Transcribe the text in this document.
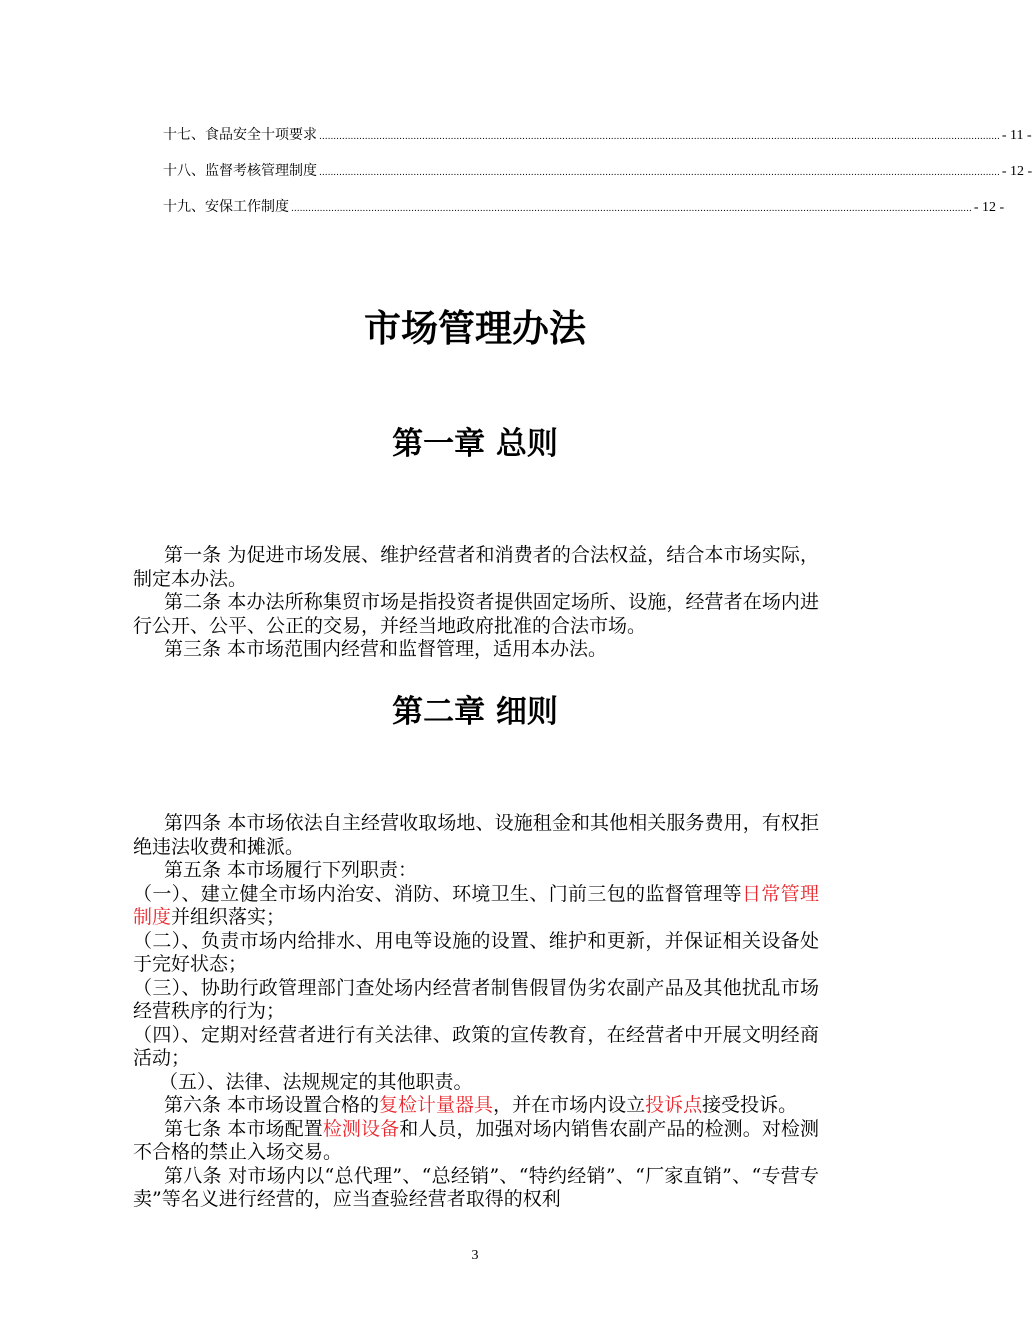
十七、 食品安全十项要求 .............................................................................................................................................................................................................................................. - 11 -
十八、 监督考核管理制度 .............................................................................................................................................................................................................................................. - 12 -
十九、 安保工作制度 .............................................................................................................................................................................................................................................. - 12 -
市场管理办法
第一章 总则

第一条 为促进市场发展、维护经营者和消费者的合法权益，结合本市场实际，制定本办法。

第二条 本办法所称集贸市场是指投资者提供固定场所、设施，经营者在场内进行公开、公平、公正的交易，并经当地政府批准的合法市场。

第三条 本市场范围内经营和监督管理，适用本办法。

第二章 细则

第四条 本市场依法自主经营收取场地、设施租金和其他相关服务费用，有权拒绝违法收费和摊派。

第五条 本市场履行下列职责：

（一）、建立健全市场内治安、消防、环境卫生、门前三包的监督管理等日常管理制度并组织落实；

（二）、负责市场内给排水、用电等设施的设置、维护和更新，并保证相关设备处于完好状态；

（三）、协助行政管理部门查处场内经营者制售假冒伪劣农副产品及其他扰乱市场经营秩序的行为；

（四）、定期对经营者进行有关法律、政策的宣传教育，在经营者中开展文明经商活动；

（五）、法律、法规规定的其他职责。

第六条 本市场设置合格的复检计量器具，并在市场内设立投诉点接受投诉。

第七条 本市场配置检测设备和人员，加强对场内销售农副产品的检测。对检测不合格的禁止入场交易。

第八条 对市场内以“总代理”、“总经销”、“特约经销”、“厂家直销”、“专营专卖”等名义进行经营的，应当查验经营者取得的权利

3
